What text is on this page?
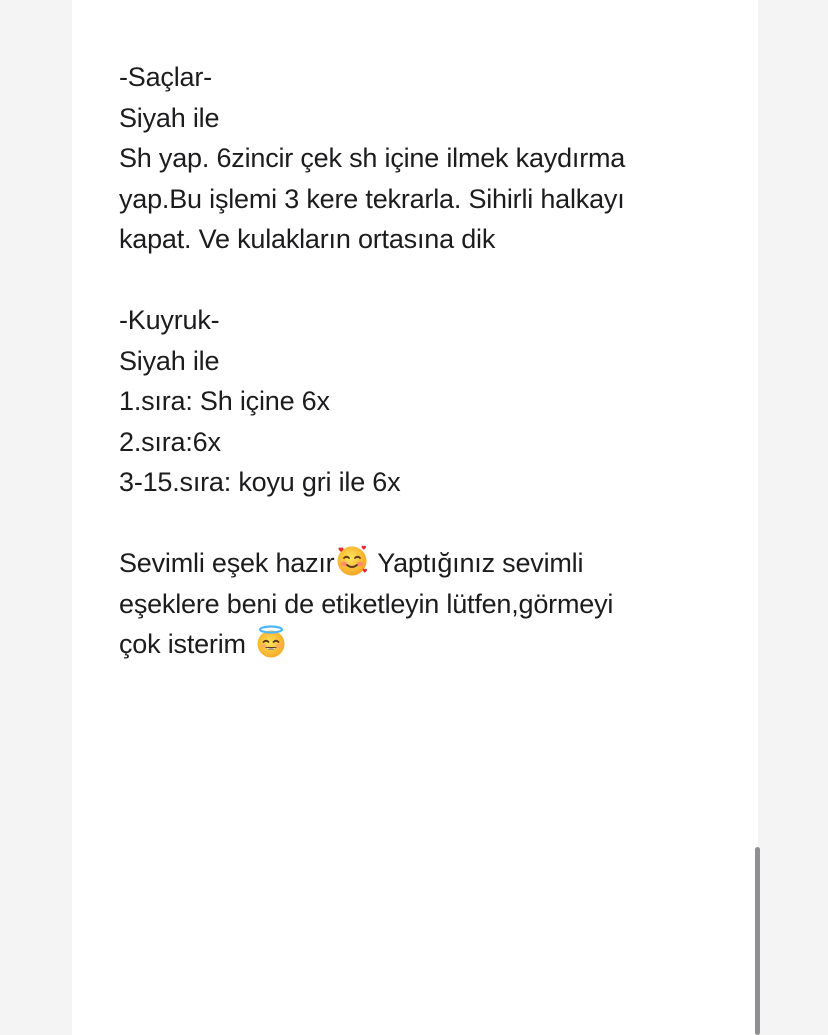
-Saçlar-
Siyah ile
Sh yap. 6zincir çek sh içine ilmek kaydırma
yap.Bu işlemi 3 kere tekrarla. Sihirli halkayı
kapat. Ve kulakların ortasına dik
-Kuyruk-
Siyah ile
1.sıra: Sh içine 6x
2.sıra:6x
3-15.sıra: koyu gri ile 6x
Sevimli eşek hazır
Yaptığınız sevimli
eşeklere beni de etiketleyin lütfen,görmeyi
çok isterim
